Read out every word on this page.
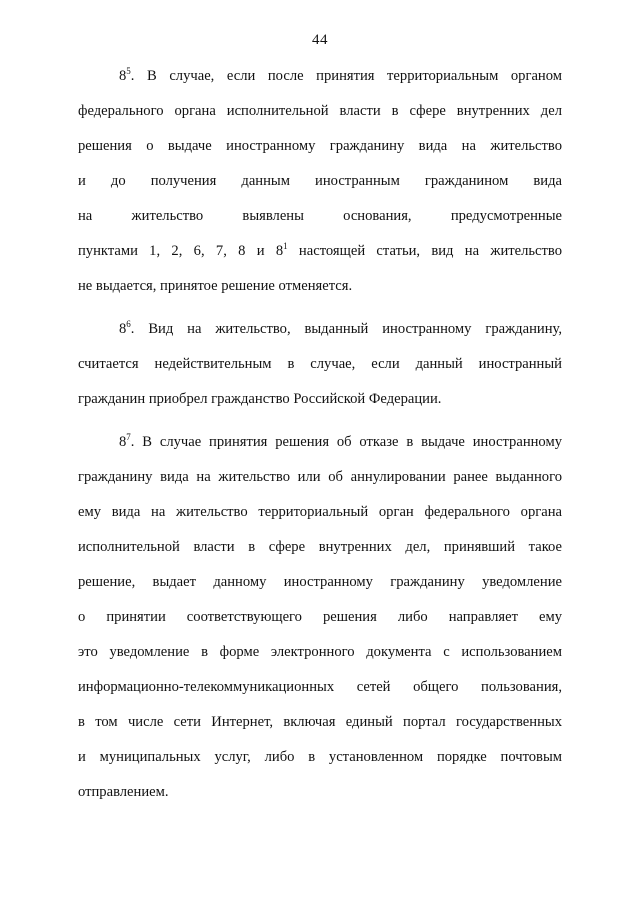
44
$8^5$. В случае, если после принятия территориальным органом
федерального органа исполнительной власти в сфере внутренних дел
решения о выдаче иностранному гражданину вида на жительство
и до получения данным иностранным гражданином вида
на жительство выявлены основания, предусмотренные
пунктами 1, 2, 6, 7, 8 и $8^1$ настоящей статьи, вид на жительство
не выдается, принятое решение отменяется.
$8^6$. Вид на жительство, выданный иностранному гражданину,
считается недействительным в случае, если данный иностранный
гражданин приобрел гражданство Российской Федерации.
$8^7$. В случае принятия решения об отказе в выдаче иностранному
гражданину вида на жительство или об аннулировании ранее выданного
ему вида на жительство территориальный орган федерального органа
исполнительной власти в сфере внутренних дел, принявший такое
решение, выдает данному иностранному гражданину уведомление
о принятии соответствующего решения либо направляет ему
это уведомление в форме электронного документа с использованием
информационно-телекоммуникационных сетей общего пользования,
в том числе сети Интернет, включая единый портал государственных
и муниципальных услуг, либо в установленном порядке почтовым
отправлением.
